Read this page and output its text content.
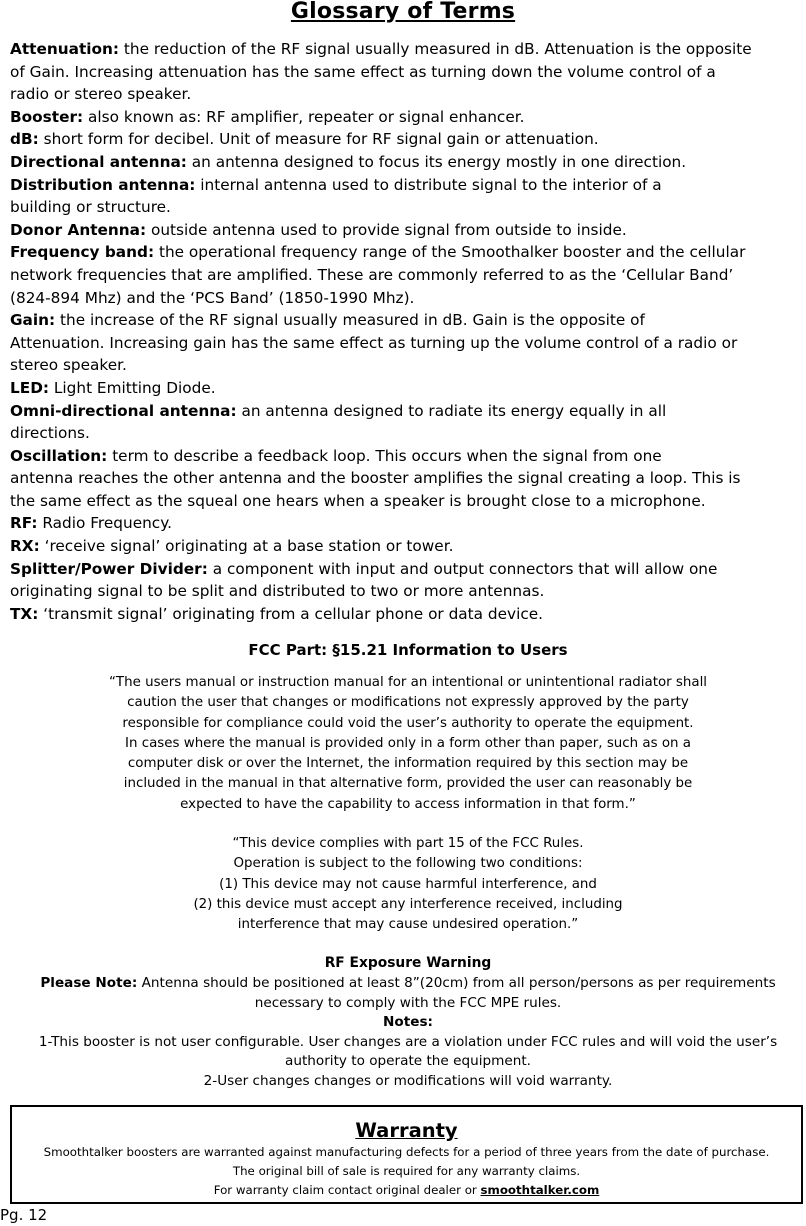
Glossary of Terms

Attenuation: the reduction of the RF signal usually measured in dB. Attenuation is the opposite
of Gain. Increasing attenuation has the same effect as turning down the volume control of a
radio or stereo speaker.

Booster: also known as: RF amplifier, repeater or signal enhancer.

dB: short form for decibel. Unit of measure for RF signal gain or attenuation.

Directional antenna: an antenna designed to focus its energy mostly in one direction.

Distribution antenna: internal antenna used to distribute signal to the interior of a
building or structure.

Donor Antenna: outside antenna used to provide signal from outside to inside.

Frequency band: the operational frequency range of the Smoothalker booster and the cellular
network frequencies that are amplified. These are commonly referred to as the ‘Cellular Band’
(824-894 Mhz) and the ‘PCS Band’ (1850-1990 Mhz).

Gain: the increase of the RF signal usually measured in dB. Gain is the opposite of
Attenuation. Increasing gain has the same effect as turning up the volume control of a radio or
stereo speaker.

LED: Light Emitting Diode.

Omni-directional antenna: an antenna designed to radiate its energy equally in all
directions.

Oscillation: term to describe a feedback loop. This occurs when the signal from one
antenna reaches the other antenna and the booster amplifies the signal creating a loop. This is
the same effect as the squeal one hears when a speaker is brought close to a microphone.

RF: Radio Frequency.

RX: ‘receive signal’ originating at a base station or tower.

Splitter/Power Divider: a component with input and output connectors that will allow one
originating signal to be split and distributed to two or more antennas.

TX: ‘transmit signal’ originating from a cellular phone or data device.

FCC Part: §15.21 Information to Users

“The users manual or instruction manual for an intentional or unintentional radiator shall

caution the user that changes or modifications not expressly approved by the party

responsible for compliance could void the user’s authority to operate the equipment.

In cases where the manual is provided only in a form other than paper, such as on a

computer disk or over the Internet, the information required by this section may be

included in the manual in that alternative form, provided the user can reasonably be

expected to have the capability to access information in that form.”

“This device complies with part 15 of the FCC Rules.

Operation is subject to the following two conditions:

(1) This device may not cause harmful interference, and

(2) this device must accept any interference received, including

interference that may cause undesired operation.”

RF Exposure Warning

Please Note: Antenna should be positioned at least 8”(20cm) from all person/persons as per requirements

necessary to comply with the FCC MPE rules.

Notes:

1-This booster is not user configurable. User changes are a violation under FCC rules and will void the user’s

authority to operate the equipment.

2-User changes changes or modifications will void warranty.

Warranty
Smoothtalker boosters are warranted against manufacturing defects for a period of three years from the date of purchase.
The original bill of sale is required for any warranty claims.
For warranty claim contact original dealer or smoothtalker.com
Pg. 12
